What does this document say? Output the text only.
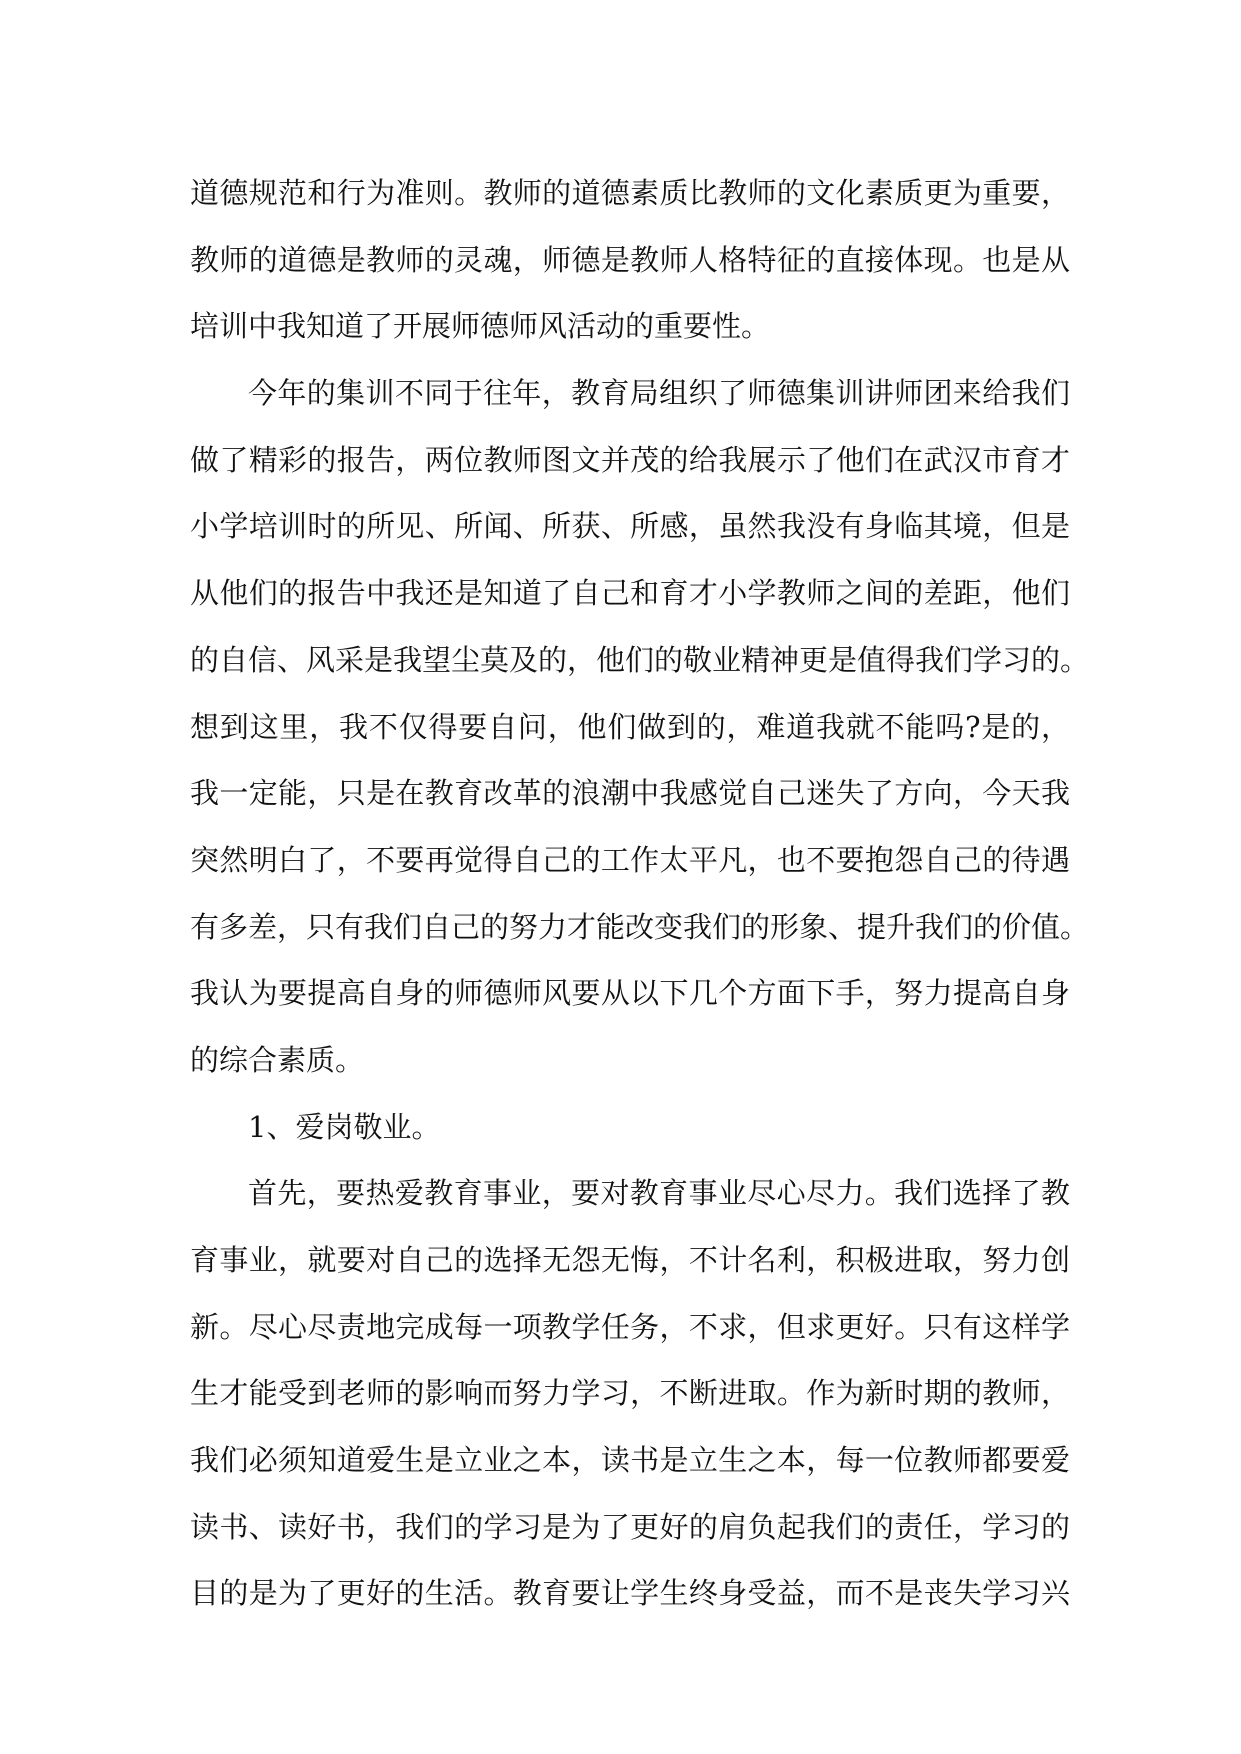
道德规范和行为准则。教师的道德素质比教师的文化素质更为重要，
教师的道德是教师的灵魂，师德是教师人格特征的直接体现。也是从
培训中我知道了开展师德师风活动的重要性。
今年的集训不同于往年，教育局组织了师德集训讲师团来给我们
做了精彩的报告，两位教师图文并茂的给我展示了他们在武汉市育才
小学培训时的所见、所闻、所获、所感，虽然我没有身临其境，但是
从他们的报告中我还是知道了自己和育才小学教师之间的差距，他们
的自信、风采是我望尘莫及的，他们的敬业精神更是值得我们学习的。
想到这里，我不仅得要自问，他们做到的，难道我就不能吗?是的，
我一定能，只是在教育改革的浪潮中我感觉自己迷失了方向，今天我
突然明白了，不要再觉得自己的工作太平凡，也不要抱怨自己的待遇
有多差，只有我们自己的努力才能改变我们的形象、提升我们的价值。
我认为要提高自身的师德师风要从以下几个方面下手，努力提高自身
的综合素质。
1、爱岗敬业。
首先，要热爱教育事业，要对教育事业尽心尽力。我们选择了教
育事业，就要对自己的选择无怨无悔，不计名利，积极进取，努力创
新。尽心尽责地完成每一项教学任务，不求，但求更好。只有这样学
生才能受到老师的影响而努力学习，不断进取。作为新时期的教师，
我们必须知道爱生是立业之本，读书是立生之本，每一位教师都要爱
读书、读好书，我们的学习是为了更好的肩负起我们的责任，学习的
目的是为了更好的生活。教育要让学生终身受益，而不是丧失学习兴
